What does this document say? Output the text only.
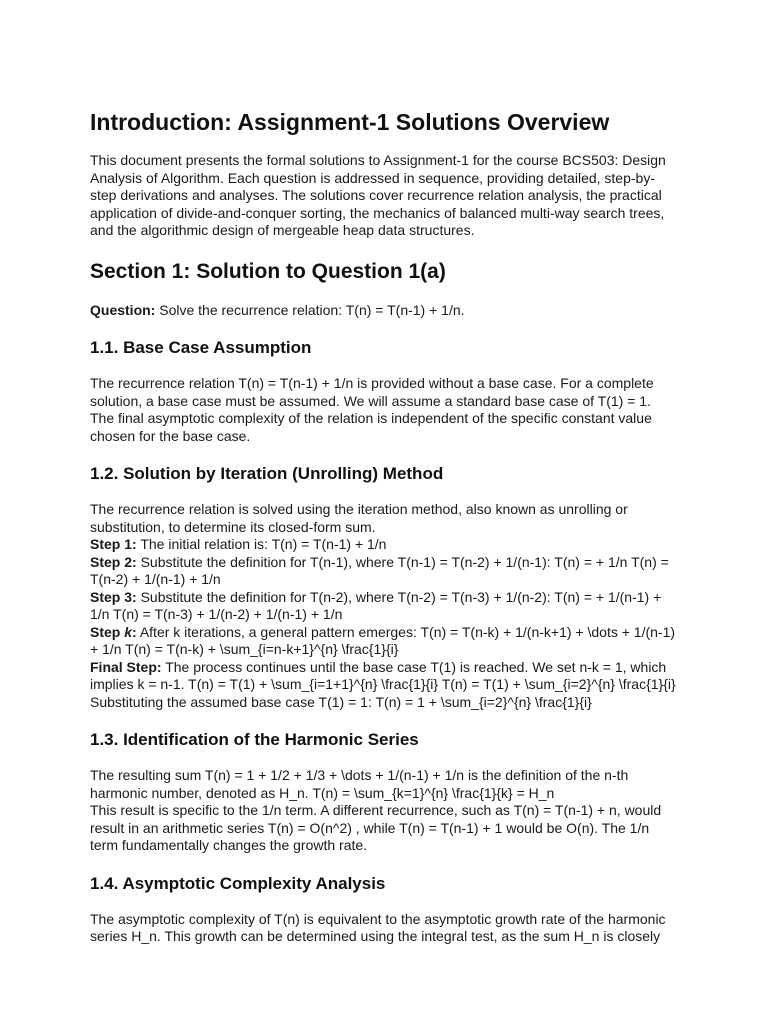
Introduction: Assignment-1 Solutions Overview

This document presents the formal solutions to Assignment-1 for the course BCS503: Design Analysis of Algorithm. Each question is addressed in sequence, providing detailed, step-by-step derivations and analyses. The solutions cover recurrence relation analysis, the practical application of divide-and-conquer sorting, the mechanics of balanced multi-way search trees, and the algorithmic design of mergeable heap data structures.

Section 1: Solution to Question 1(a)

Question: Solve the recurrence relation: T(n) = T(n-1) + 1/n.

1.1. Base Case Assumption

The recurrence relation T(n) = T(n-1) + 1/n is provided without a base case. For a complete solution, a base case must be assumed. We will assume a standard base case of T(1) = 1. The final asymptotic complexity of the relation is independent of the specific constant value chosen for the base case.

1.2. Solution by Iteration (Unrolling) Method

The recurrence relation is solved using the iteration method, also known as unrolling or substitution, to determine its closed-form sum.

Step 1: The initial relation is: T(n) = T(n-1) + 1/n

Step 2: Substitute the definition for T(n-1), where T(n-1) = T(n-2) + 1/(n-1): T(n) = + 1/n T(n) = T(n-2) + 1/(n-1) + 1/n

Step 3: Substitute the definition for T(n-2), where T(n-2) = T(n-3) + 1/(n-2): T(n) = + 1/(n-1) + 1/n T(n) = T(n-3) + 1/(n-2) + 1/(n-1) + 1/n

Step k: After k iterations, a general pattern emerges: T(n) = T(n-k) + 1/(n-k+1) + \dots + 1/(n-1) + 1/n T(n) = T(n-k) + \sum_{i=n-k+1}^{n} \frac{1}{i}

Final Step: The process continues until the base case T(1) is reached. We set n-k = 1, which implies k = n-1. T(n) = T(1) + \sum_{i=1+1}^{n} \frac{1}{i} T(n) = T(1) + \sum_{i=2}^{n} \frac{1}{i}

Substituting the assumed base case T(1) = 1: T(n) = 1 + \sum_{i=2}^{n} \frac{1}{i}

1.3. Identification of the Harmonic Series

The resulting sum T(n) = 1 + 1/2 + 1/3 + \dots + 1/(n-1) + 1/n is the definition of the n-th harmonic number, denoted as H_n. T(n) = \sum_{k=1}^{n} \frac{1}{k} = H_n

This result is specific to the 1/n term. A different recurrence, such as T(n) = T(n-1) + n, would result in an arithmetic series T(n) = O(n^2) , while T(n) = T(n-1) + 1 would be O(n). The 1/n term fundamentally changes the growth rate.

1.4. Asymptotic Complexity Analysis

The asymptotic complexity of T(n) is equivalent to the asymptotic growth rate of the harmonic series H_n. This growth can be determined using the integral test, as the sum H_n is closely
